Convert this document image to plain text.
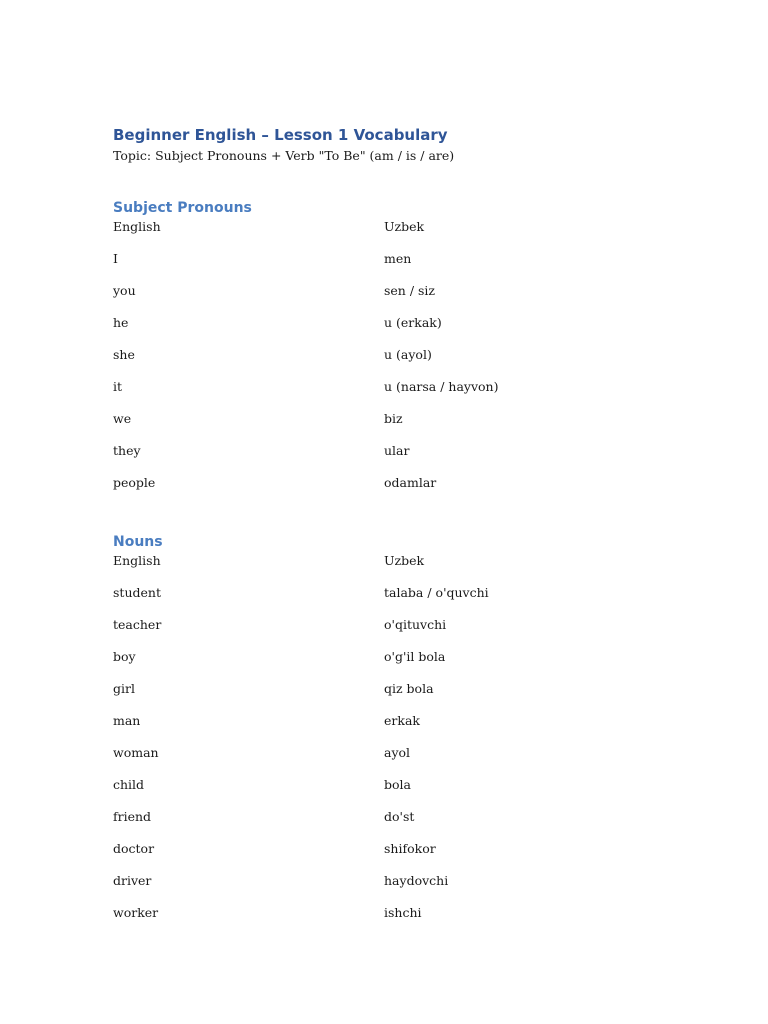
Beginner English – Lesson 1 Vocabulary

Topic: Subject Pronouns + Verb "To Be" (am / is / are)

Subject Pronouns
English	Uzbek
I	men
you	sen / siz
he	u (erkak)
she	u (ayol)
it	u (narsa / hayvon)
we	biz
they	ular
people	odamlar
Nouns
English	Uzbek
student	talaba / o'quvchi
teacher	o'qituvchi
boy	o'g'il bola
girl	qiz bola
man	erkak
woman	ayol
child	bola
friend	do'st
doctor	shifokor
driver	haydovchi
worker	ishchi
